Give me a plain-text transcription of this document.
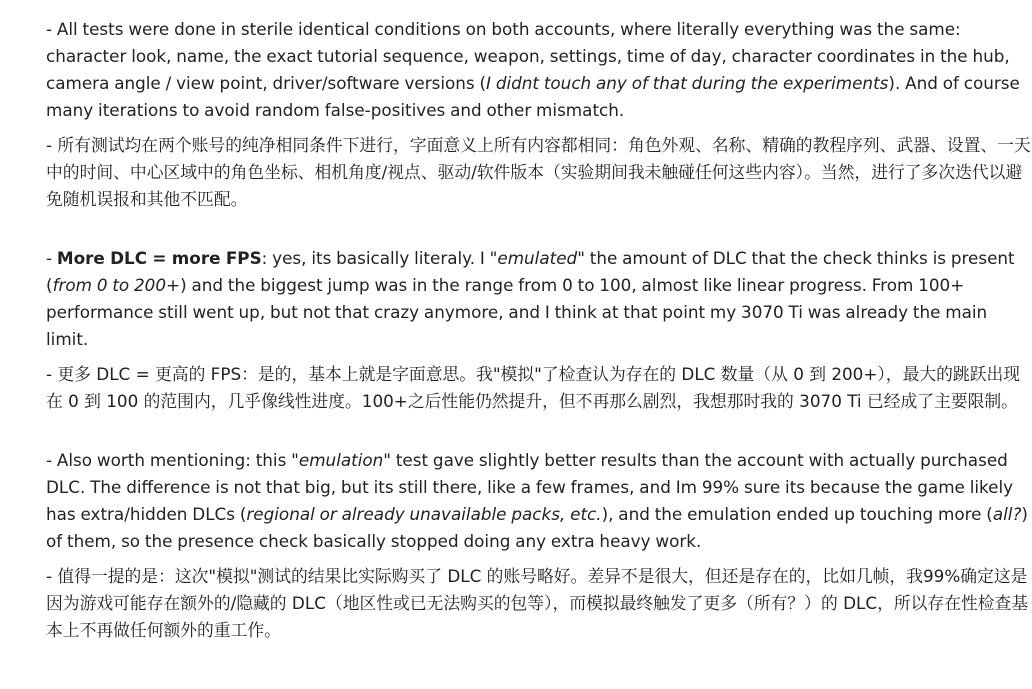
- All tests were done in sterile identical conditions on both accounts, where literally everything was the same: character look, name, the exact tutorial sequence, weapon, settings, time of day, character coordinates in the hub, camera angle / view point, driver/software versions (I didnt touch any of that during the experiments). And of course many iterations to avoid random false-positives and other mismatch.

- 所有测试均在两个账号的纯净相同条件下进行，字面意义上所有内容都相同：角色外观、名称、精确的教程序列、武器、设置、一天中的时间、中心区域中的角色坐标、相机角度/视点、驱动/软件版本（实验期间我未触碰任何这些内容）。当然，进行了多次迭代以避免随机误报和其他不匹配。

- More DLC = more FPS: yes, its basically literaly. I "emulated" the amount of DLC that the check thinks is present (from 0 to 200+) and the biggest jump was in the range from 0 to 100, almost like linear progress. From 100+ performance still went up, but not that crazy anymore, and I think at that point my 3070 Ti was already the main limit.

- 更多 DLC = 更高的 FPS：是的，基本上就是字面意思。我"模拟"了检查认为存在的 DLC 数量（从 0 到 200+），最大的跳跃出现在 0 到 100 的范围内，几乎像线性进度。100+之后性能仍然提升，但不再那么剧烈，我想那时我的 3070 Ti 已经成了主要限制。

- Also worth mentioning: this "emulation" test gave slightly better results than the account with actually purchased DLC. The difference is not that big, but its still there, like a few frames, and Im 99% sure its because the game likely has extra/hidden DLCs (regional or already unavailable packs, etc.), and the emulation ended up touching more (all?) of them, so the presence check basically stopped doing any extra heavy work.

- 值得一提的是：这次"模拟"测试的结果比实际购买了 DLC 的账号略好。差异不是很大，但还是存在的，比如几帧，我99%确定这是因为游戏可能存在额外的/隐藏的 DLC（地区性或已无法购买的包等），而模拟最终触发了更多（所有？）的 DLC，所以存在性检查基本上不再做任何额外的重工作。
